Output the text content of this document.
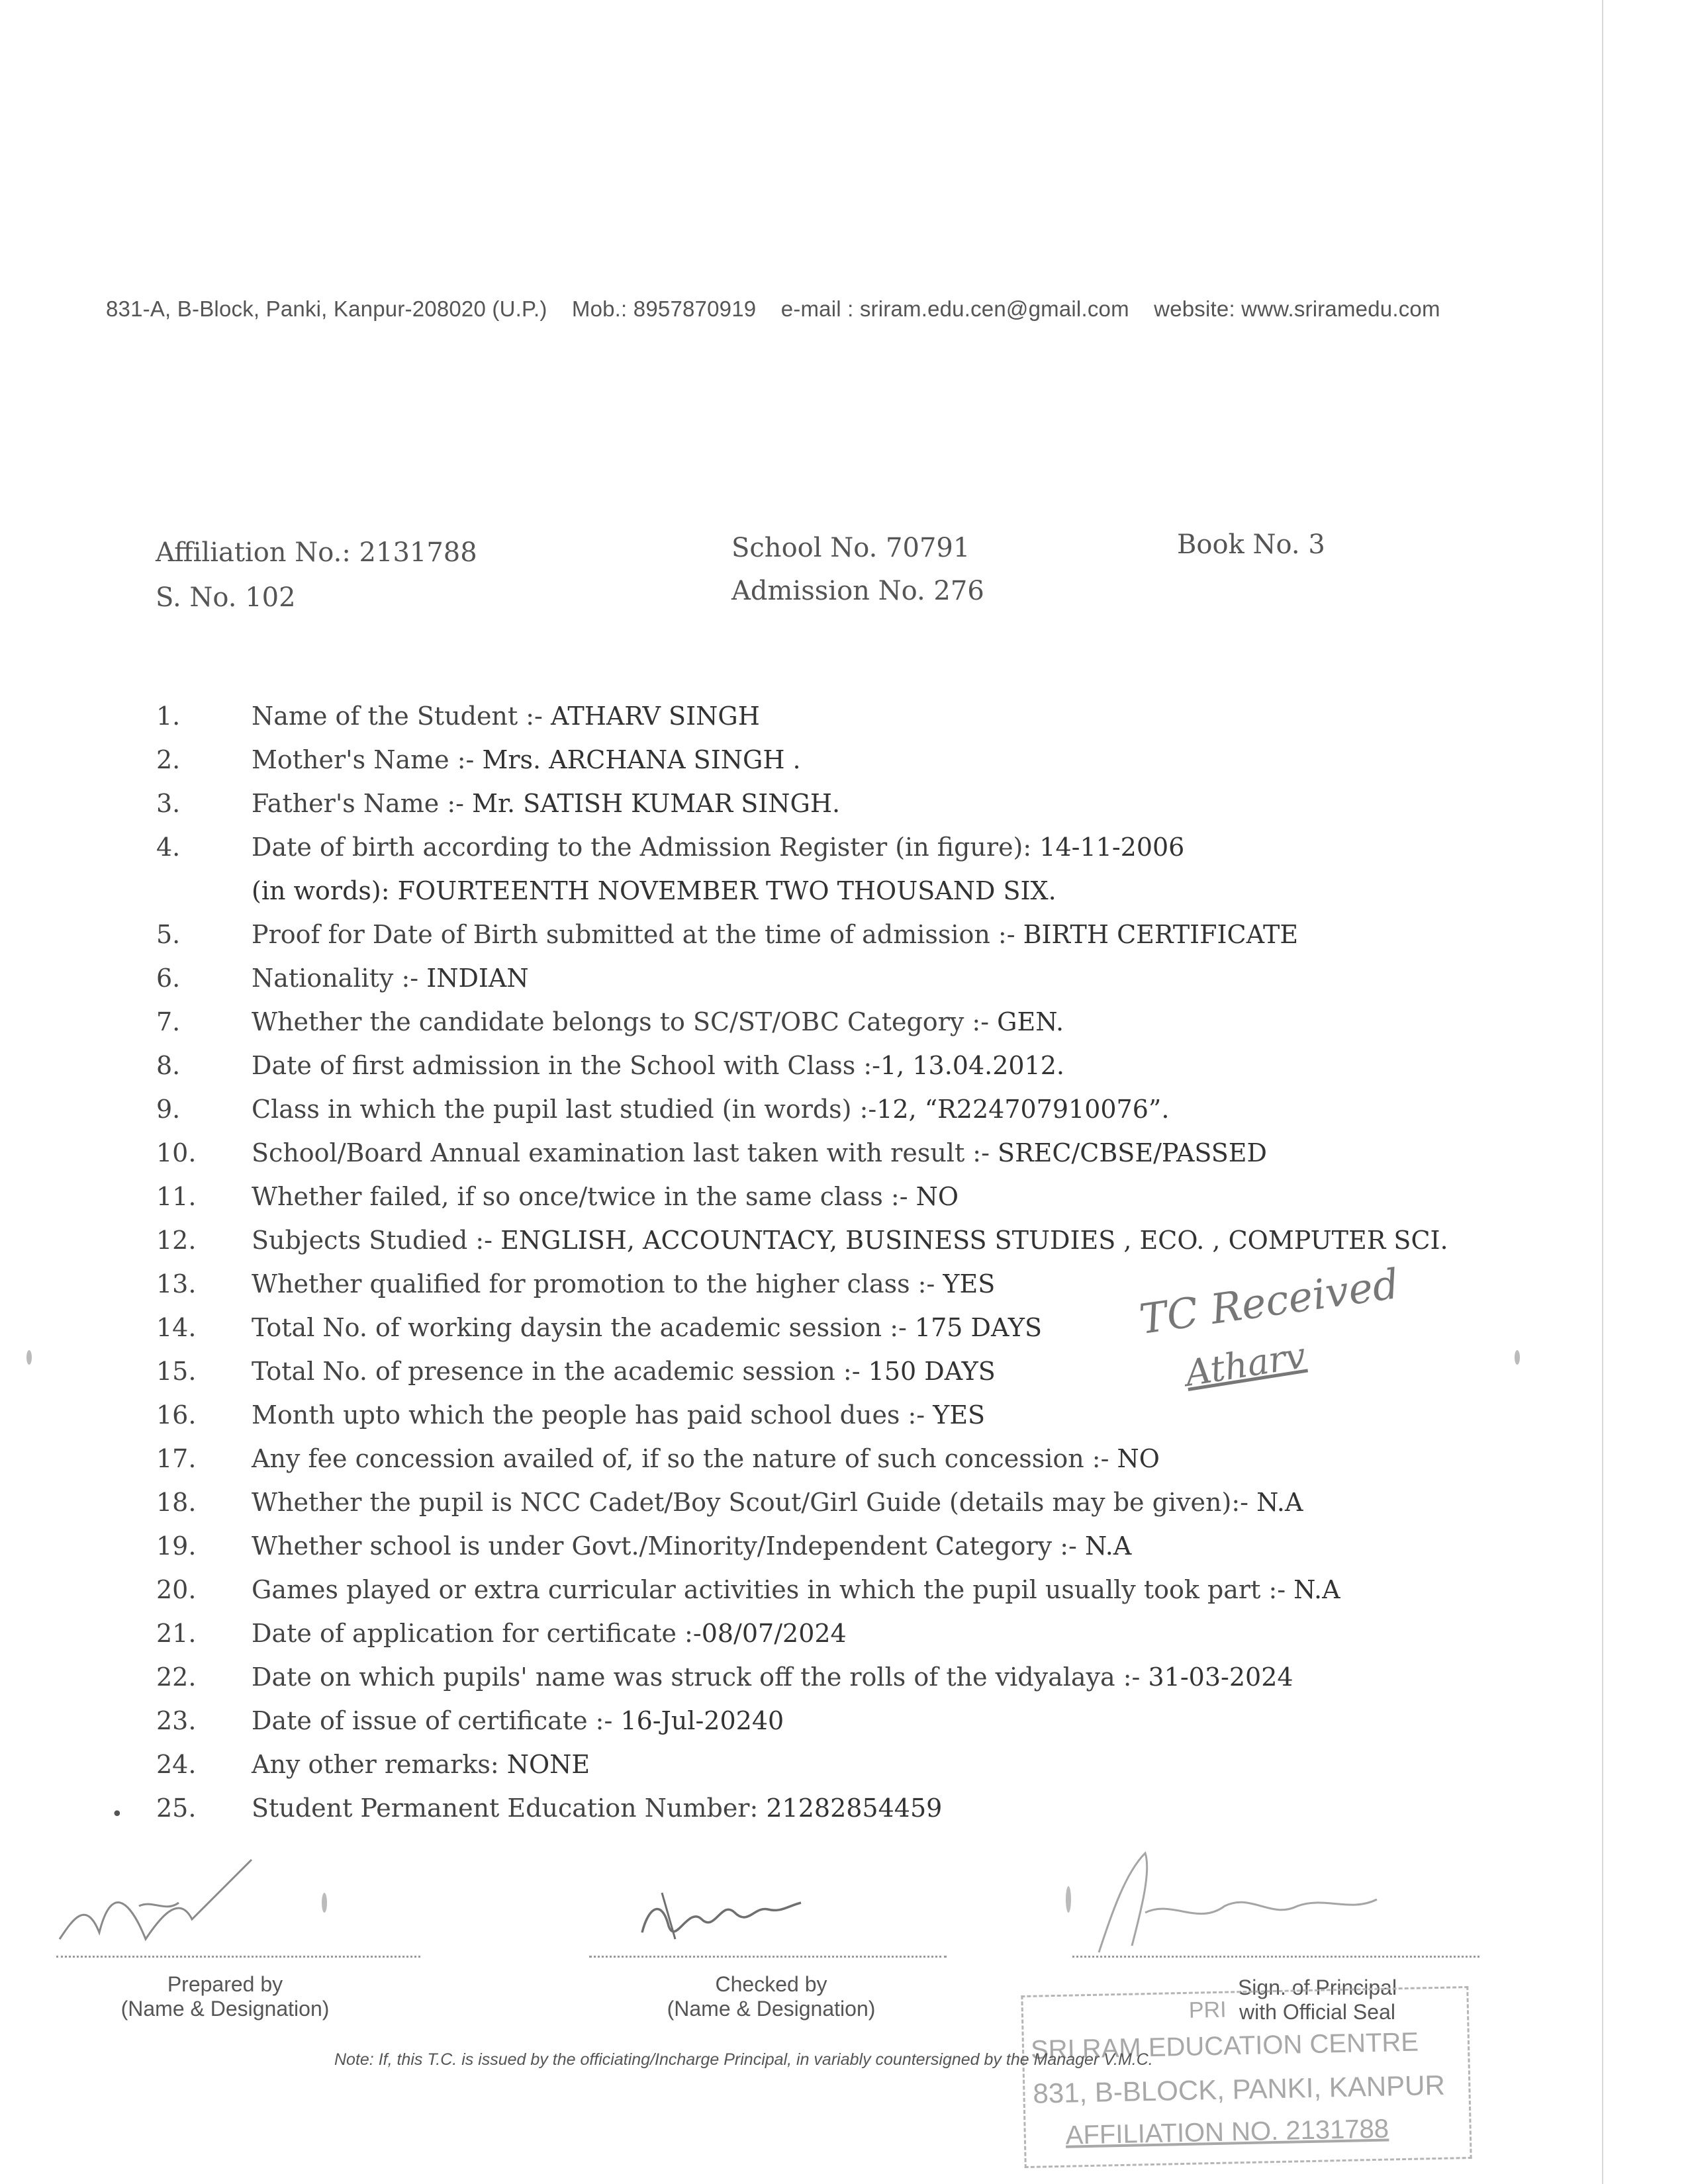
831-A, B-Block, Panki, Kanpur-208020 (U.P.) Mob.: 8957870919 e-mail : sriram.edu.cen@gmail.com website: www.sriramedu.com
Affiliation No.: 2131788
S. No. 102
School No. 70791
Admission No. 276
Book No. 3
1.	Name of the Student :- ATHARV SINGH
2.	Mother's Name :- Mrs. ARCHANA SINGH .
3.	Father's Name :- Mr. SATISH KUMAR SINGH.
4.	Date of birth according to the Admission Register (in figure): 14-11-2006
(in words): FOURTEENTH NOVEMBER TWO THOUSAND SIX.
5.	Proof for Date of Birth submitted at the time of admission :- BIRTH CERTIFICATE
6.	Nationality :- INDIAN
7.	Whether the candidate belongs to SC/ST/OBC Category :- GEN.
8.	Date of first admission in the School with Class :-1, 13.04.2012.
9.	Class in which the pupil last studied (in words) :-12, “R224707910076”.
10.	School/Board Annual examination last taken with result :- SREC/CBSE/PASSED
11.	Whether failed, if so once/twice in the same class :- NO
12.	Subjects Studied :- ENGLISH, ACCOUNTACY, BUSINESS STUDIES , ECO. , COMPUTER SCI.
13.	Whether qualified for promotion to the higher class :- YES
14.	Total No. of working daysin the academic session :- 175 DAYS
15.	Total No. of presence in the academic session :- 150 DAYS
16.	Month upto which the people has paid school dues :- YES
17.	Any fee concession availed of, if so the nature of such concession :- NO
18.	Whether the pupil is NCC Cadet/Boy Scout/Girl Guide (details may be given):- N.A
19.	Whether school is under Govt./Minority/Independent Category :- N.A
20.	Games played or extra curricular activities in which the pupil usually took part :- N.A
21.	Date of application for certificate :-08/07/2024
22.	Date on which pupils' name was struck off the rolls of the vidyalaya :- 31-03-2024
23.	Date of issue of certificate :- 16-Jul-20240
24.	Any other remarks: NONE
• 25.	Student Permanent Education Number: 21282854459
TC Received
Atharv
Prepared by
(Name & Designation)
Checked by
(Name & Designation)
Sign. of Principal
with Official Seal
PRI
SRI RAM EDUCATION CENTRE
831, B-BLOCK, PANKI, KANPUR
AFFILIATION NO. 2131788
Note: If, this T.C. is issued by the officiating/Incharge Principal, in variably countersigned by the Manager V.M.C.
